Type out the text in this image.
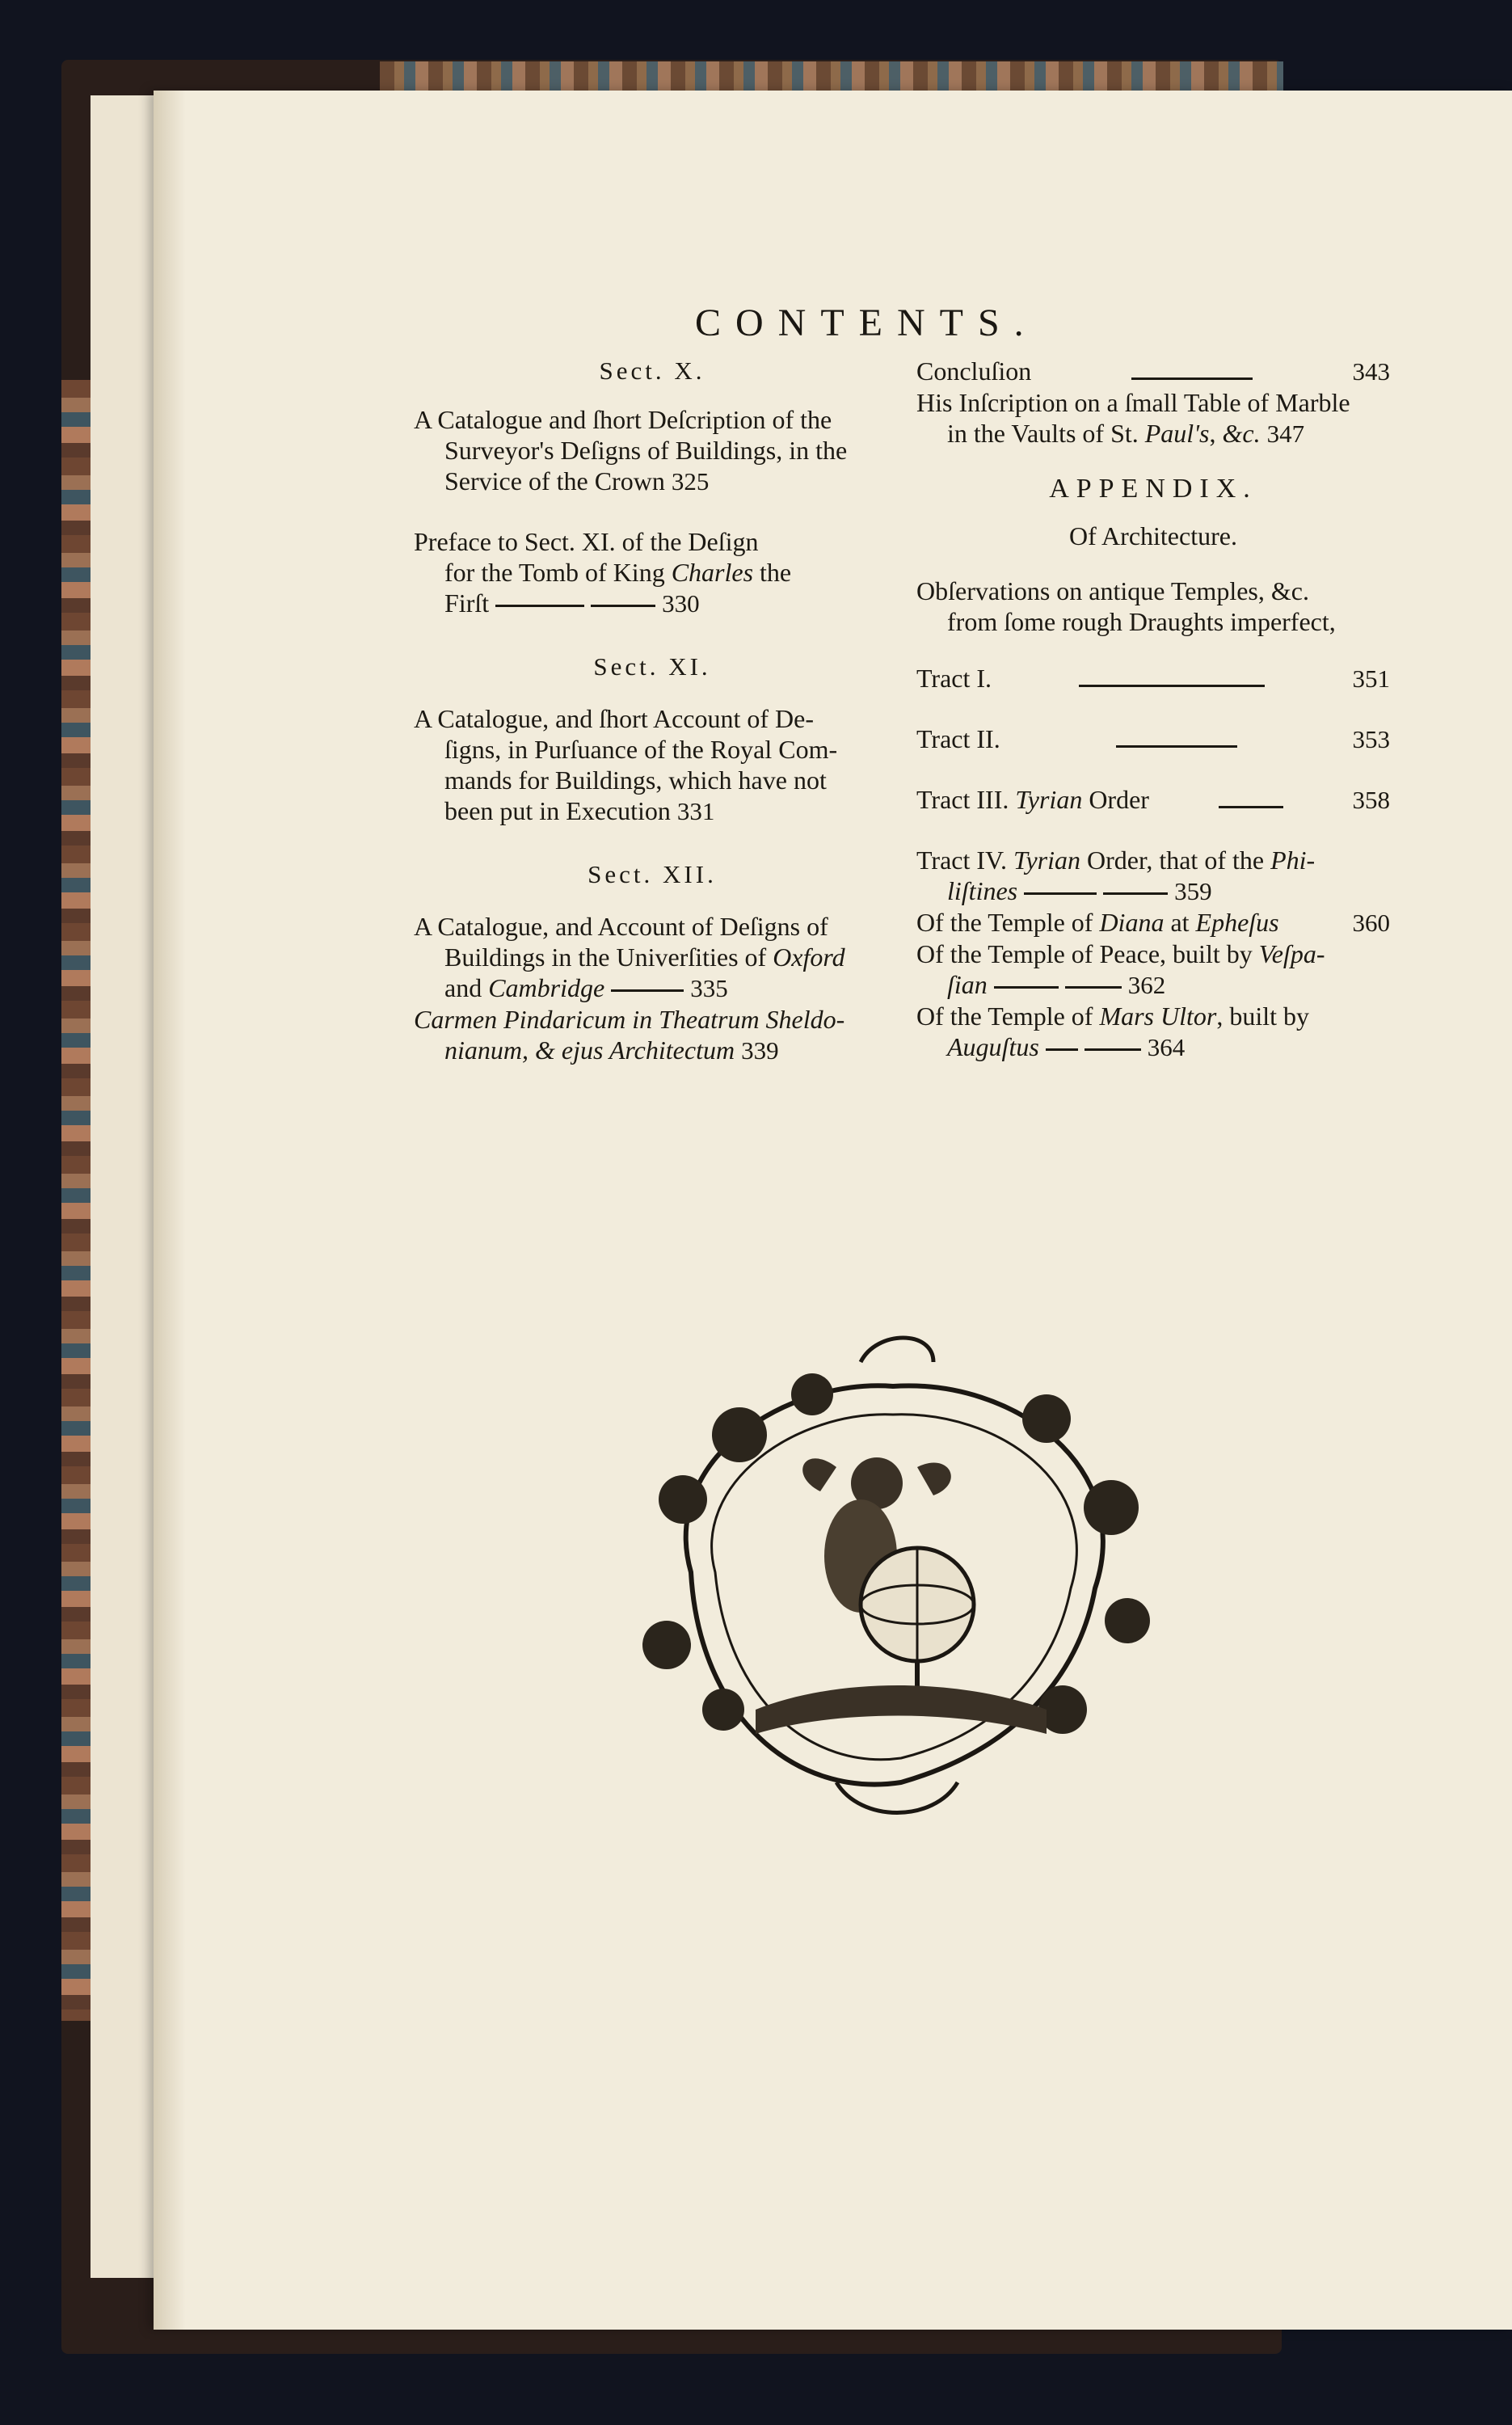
CONTENTS.

Sect. X.

A Catalogue and ſhort Deſcription of the
Surveyor's Deſigns of Buildings, in the
Service of the Crown 325
Preface to Sect. XI. of the Deſign
for the Tomb of King Charles the
Firſt	330

Sect. XI.

A Catalogue, and ſhort Account of De-
ſigns, in Purſuance of the Royal Com-
mands for Buildings, which have not
been put in Execution 331

Sect. XII.

A Catalogue, and Account of Deſigns of
Buildings in the Univerſities of Oxford
and Cambridge	335
Carmen Pindaricum in Theatrum Sheldo-
nianum, & ejus Architectum 339
Concluſion	343
His Inſcription on a ſmall Table of Marble
in the Vaults of St. Paul's, &c. 347

APPENDIX.

Of Architecture.

Obſervations on antique Temples, &c.
from ſome rough Draughts imperfect,
Tract I.	351
Tract II.	353
Tract III. Tyrian Order	358
Tract IV. Tyrian Order, that of the Phi-
liſtines	359
Of the Temple of Diana at Epheſus	360
Of the Temple of Peace, built by Veſpa-
ſian	362
Of the Temple of Mars Ultor, built by
Auguſtus	364
